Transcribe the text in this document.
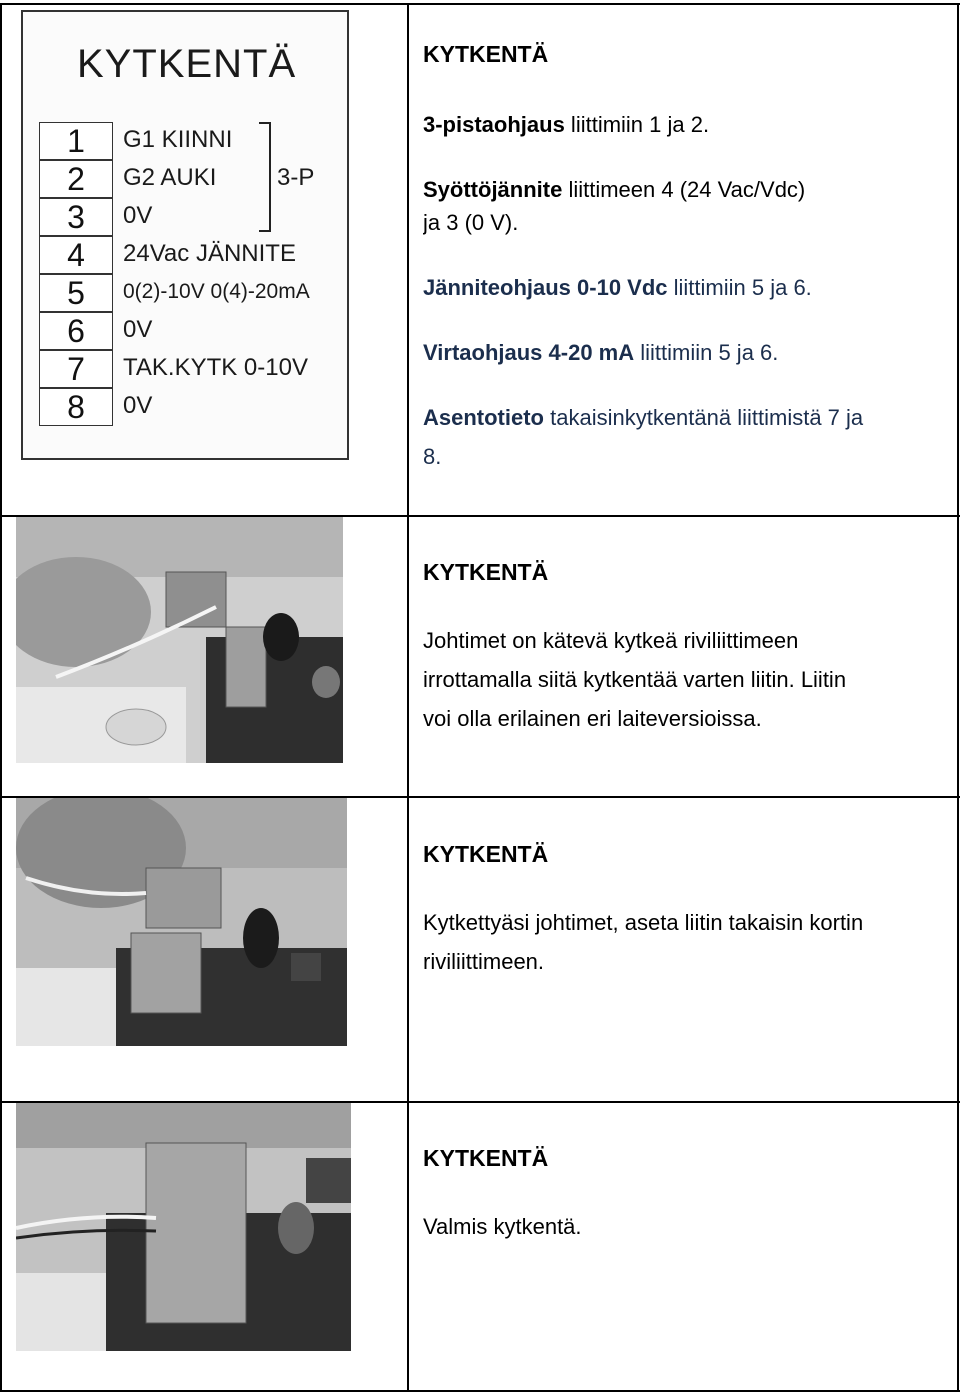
KYTKENTÄ
1	G1 KIINNI
2	G2 AUKI
3	0V
4	24Vac JÄNNITE
5	0(2)-10V 0(4)-20mA
6	0V
7	TAK.KYTK 0-10V
8	0V
3-P

KYTKENTÄ

3-pistaohjaus liittimiin 1 ja 2.

Syöttöjännite liittimeen 4 (24 Vac/Vdc)

ja 3 (0 V).

Jänniteohjaus 0-10 Vdc liittimiin 5 ja 6.

Virtaohjaus 4-20 mA liittimiin 5 ja 6.

Asentotieto takaisinkytkentänä liittimistä 7 ja

8.

KYTKENTÄ

Johtimet on kätevä kytkeä riviliittimeen

irrottamalla siitä kytkentää varten liitin. Liitin

voi olla erilainen eri laiteversioissa.

KYTKENTÄ

Kytkettyäsi johtimet, aseta liitin takaisin kortin

riviliittimeen.

KYTKENTÄ

Valmis kytkentä.
